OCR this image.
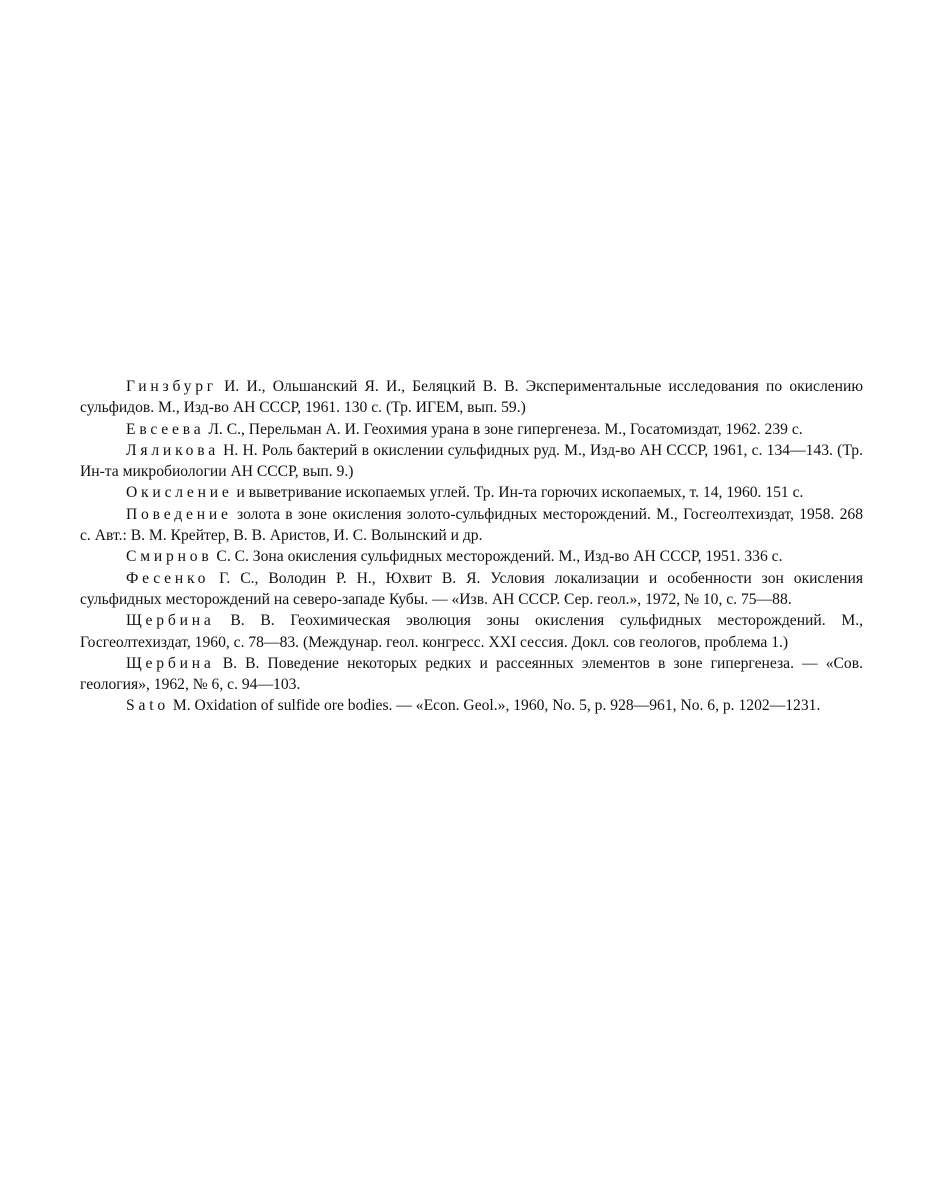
Гинзбург И. И., Ольшанский Я. И., Беляцкий В. В. Экспериментальные исследования по окислению сульфидов. М., Изд-во АН СССР, 1961. 130 с. (Тр. ИГЕМ, вып. 59.)

Евсеева Л. С., Перельман А. И. Геохимия урана в зоне гипергенеза. М., Госатомиздат, 1962. 239 с.

Ляликова Н. Н. Роль бактерий в окислении сульфидных руд. М., Изд-во АН СССР, 1961, с. 134—143. (Тр. Ин-та микробиологии АН СССР, вып. 9.)

Окисление и выветривание ископаемых углей. Тр. Ин-та горючих ископаемых, т. 14, 1960. 151 с.

Поведение золота в зоне окисления золото-сульфидных месторождений. М., Госгеолтехиздат, 1958. 268 с. Авт.: В. М. Крейтер, В. В. Аристов, И. С. Волынский и др.

Смирнов С. С. Зона окисления сульфидных месторождений. М., Изд-во АН СССР, 1951. 336 с.

Фесенко Г. С., Володин Р. Н., Юхвит В. Я. Условия локализации и особенности зон окисления сульфидных месторождений на северо-западе Кубы. — «Изв. АН СССР. Сер. геол.», 1972, № 10, с. 75—88.

Щербина В. В. Геохимическая эволюция зоны окисления сульфидных месторождений. М., Госгеолтехиздат, 1960, с. 78—83. (Междунар. геол. конгресс. XXI сессия. Докл. сов геологов, проблема 1.)

Щербина В. В. Поведение некоторых редких и рассеянных элементов в зоне гипергенеза. — «Сов. геология», 1962, № 6, с. 94—103.

Sato M. Oxidation of sulfide ore bodies. — «Econ. Geol.», 1960, No. 5, p. 928—961, No. 6, p. 1202—1231.
